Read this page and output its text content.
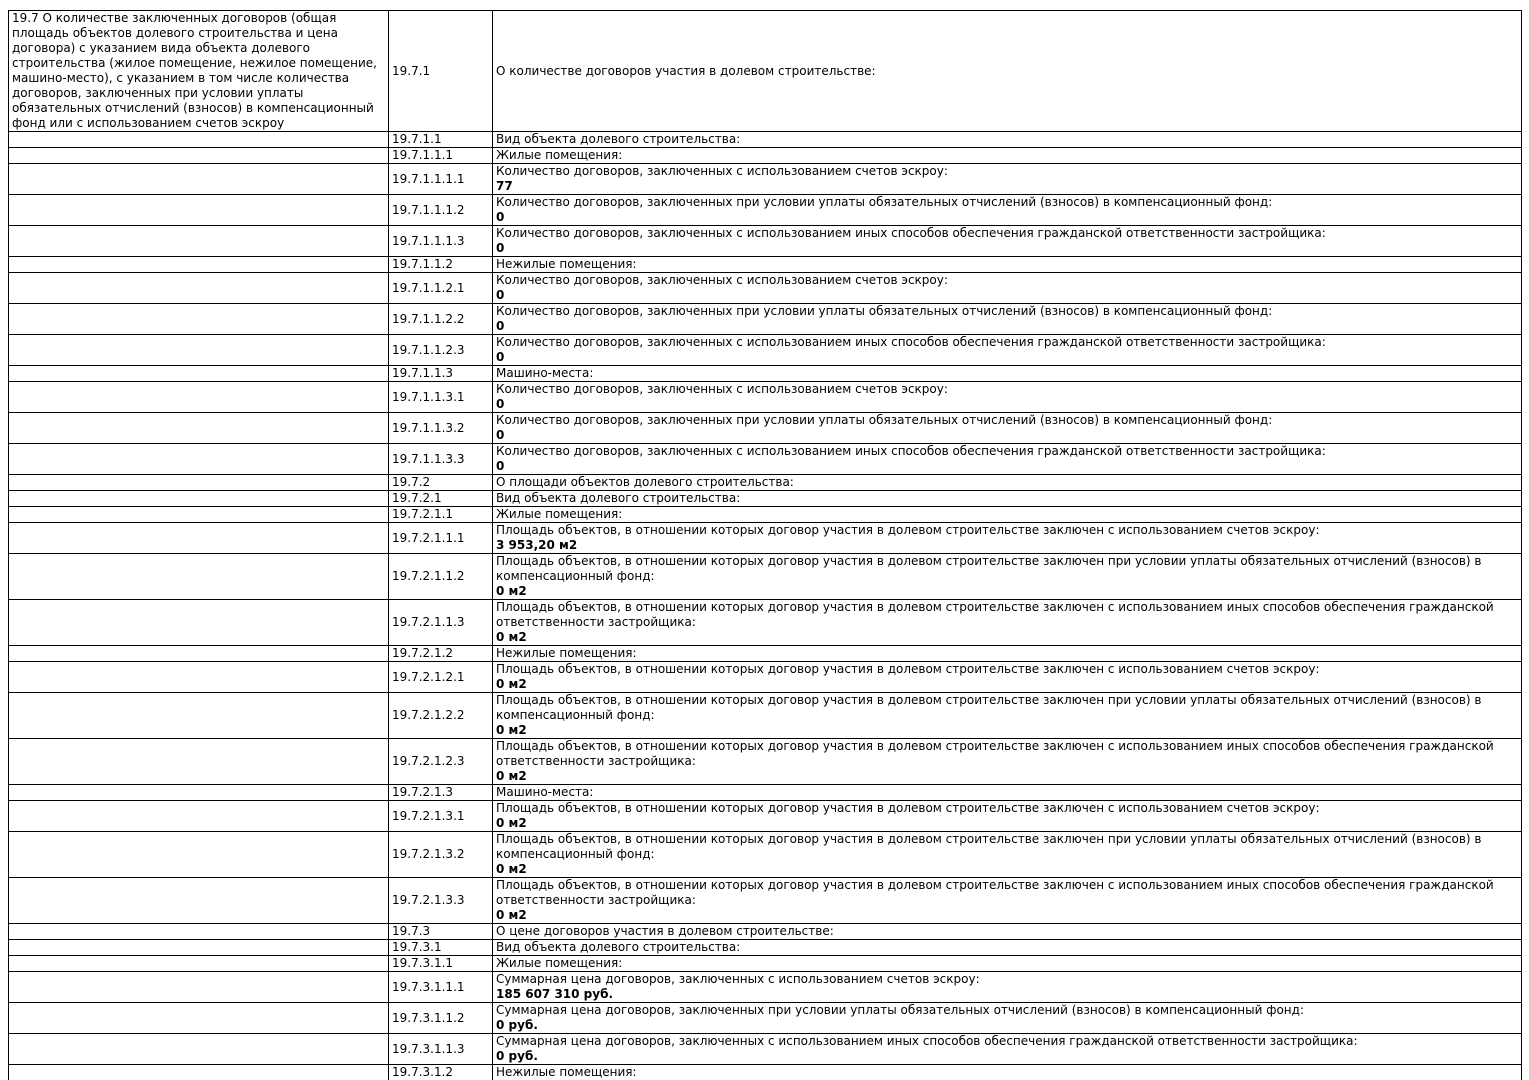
19.7 О количестве заключенных договоров (общая площадь объектов долевого строительства и цена договора) с указанием вида объекта долевого строительства (жилое помещение, нежилое помещение, машино-место), с указанием в том числе количества договоров, заключенных при условии уплаты обязательных отчислений (взносов) в компенсационный фонд или с использованием счетов эскроу	19.7.1	О количестве договоров участия в долевом строительстве:

	19.7.1.1	Вид объекта долевого строительства:

	19.7.1.1.1	Жилые помещения:

	19.7.1.1.1.1	Количество договоров, заключенных с использованием счетов эскроу:
77

	19.7.1.1.1.2	Количество договоров, заключенных при условии уплаты обязательных отчислений (взносов) в компенсационный фонд:
0

	19.7.1.1.1.3	Количество договоров, заключенных с использованием иных способов обеспечения гражданской ответственности застройщика:
0

	19.7.1.1.2	Нежилые помещения:

	19.7.1.1.2.1	Количество договоров, заключенных с использованием счетов эскроу:
0

	19.7.1.1.2.2	Количество договоров, заключенных при условии уплаты обязательных отчислений (взносов) в компенсационный фонд:
0

	19.7.1.1.2.3	Количество договоров, заключенных с использованием иных способов обеспечения гражданской ответственности застройщика:
0

	19.7.1.1.3	Машино-места:

	19.7.1.1.3.1	Количество договоров, заключенных с использованием счетов эскроу:
0

	19.7.1.1.3.2	Количество договоров, заключенных при условии уплаты обязательных отчислений (взносов) в компенсационный фонд:
0

	19.7.1.1.3.3	Количество договоров, заключенных с использованием иных способов обеспечения гражданской ответственности застройщика:
0

	19.7.2	О площади объектов долевого строительства:

	19.7.2.1	Вид объекта долевого строительства:

	19.7.2.1.1	Жилые помещения:

	19.7.2.1.1.1	Площадь объектов, в отношении которых договор участия в долевом строительстве заключен с использованием счетов эскроу:
3 953,20 м2

	19.7.2.1.1.2	Площадь объектов, в отношении которых договор участия в долевом строительстве заключен при условии уплаты обязательных отчислений (взносов) в компенсационный фонд:
0 м2

	19.7.2.1.1.3	Площадь объектов, в отношении которых договор участия в долевом строительстве заключен с использованием иных способов обеспечения гражданской ответственности застройщика:
0 м2

	19.7.2.1.2	Нежилые помещения:

	19.7.2.1.2.1	Площадь объектов, в отношении которых договор участия в долевом строительстве заключен с использованием счетов эскроу:
0 м2

	19.7.2.1.2.2	Площадь объектов, в отношении которых договор участия в долевом строительстве заключен при условии уплаты обязательных отчислений (взносов) в компенсационный фонд:
0 м2

	19.7.2.1.2.3	Площадь объектов, в отношении которых договор участия в долевом строительстве заключен с использованием иных способов обеспечения гражданской ответственности застройщика:
0 м2

	19.7.2.1.3	Машино-места:

	19.7.2.1.3.1	Площадь объектов, в отношении которых договор участия в долевом строительстве заключен с использованием счетов эскроу:
0 м2

	19.7.2.1.3.2	Площадь объектов, в отношении которых договор участия в долевом строительстве заключен при условии уплаты обязательных отчислений (взносов) в компенсационный фонд:
0 м2

	19.7.2.1.3.3	Площадь объектов, в отношении которых договор участия в долевом строительстве заключен с использованием иных способов обеспечения гражданской ответственности застройщика:
0 м2

	19.7.3	О цене договоров участия в долевом строительстве:

	19.7.3.1	Вид объекта долевого строительства:

	19.7.3.1.1	Жилые помещения:

	19.7.3.1.1.1	Суммарная цена договоров, заключенных с использованием счетов эскроу:
185 607 310 руб.

	19.7.3.1.1.2	Суммарная цена договоров, заключенных при условии уплаты обязательных отчислений (взносов) в компенсационный фонд:
0 руб.

	19.7.3.1.1.3	Суммарная цена договоров, заключенных с использованием иных способов обеспечения гражданской ответственности застройщика:
0 руб.

	19.7.3.1.2	Нежилые помещения:
